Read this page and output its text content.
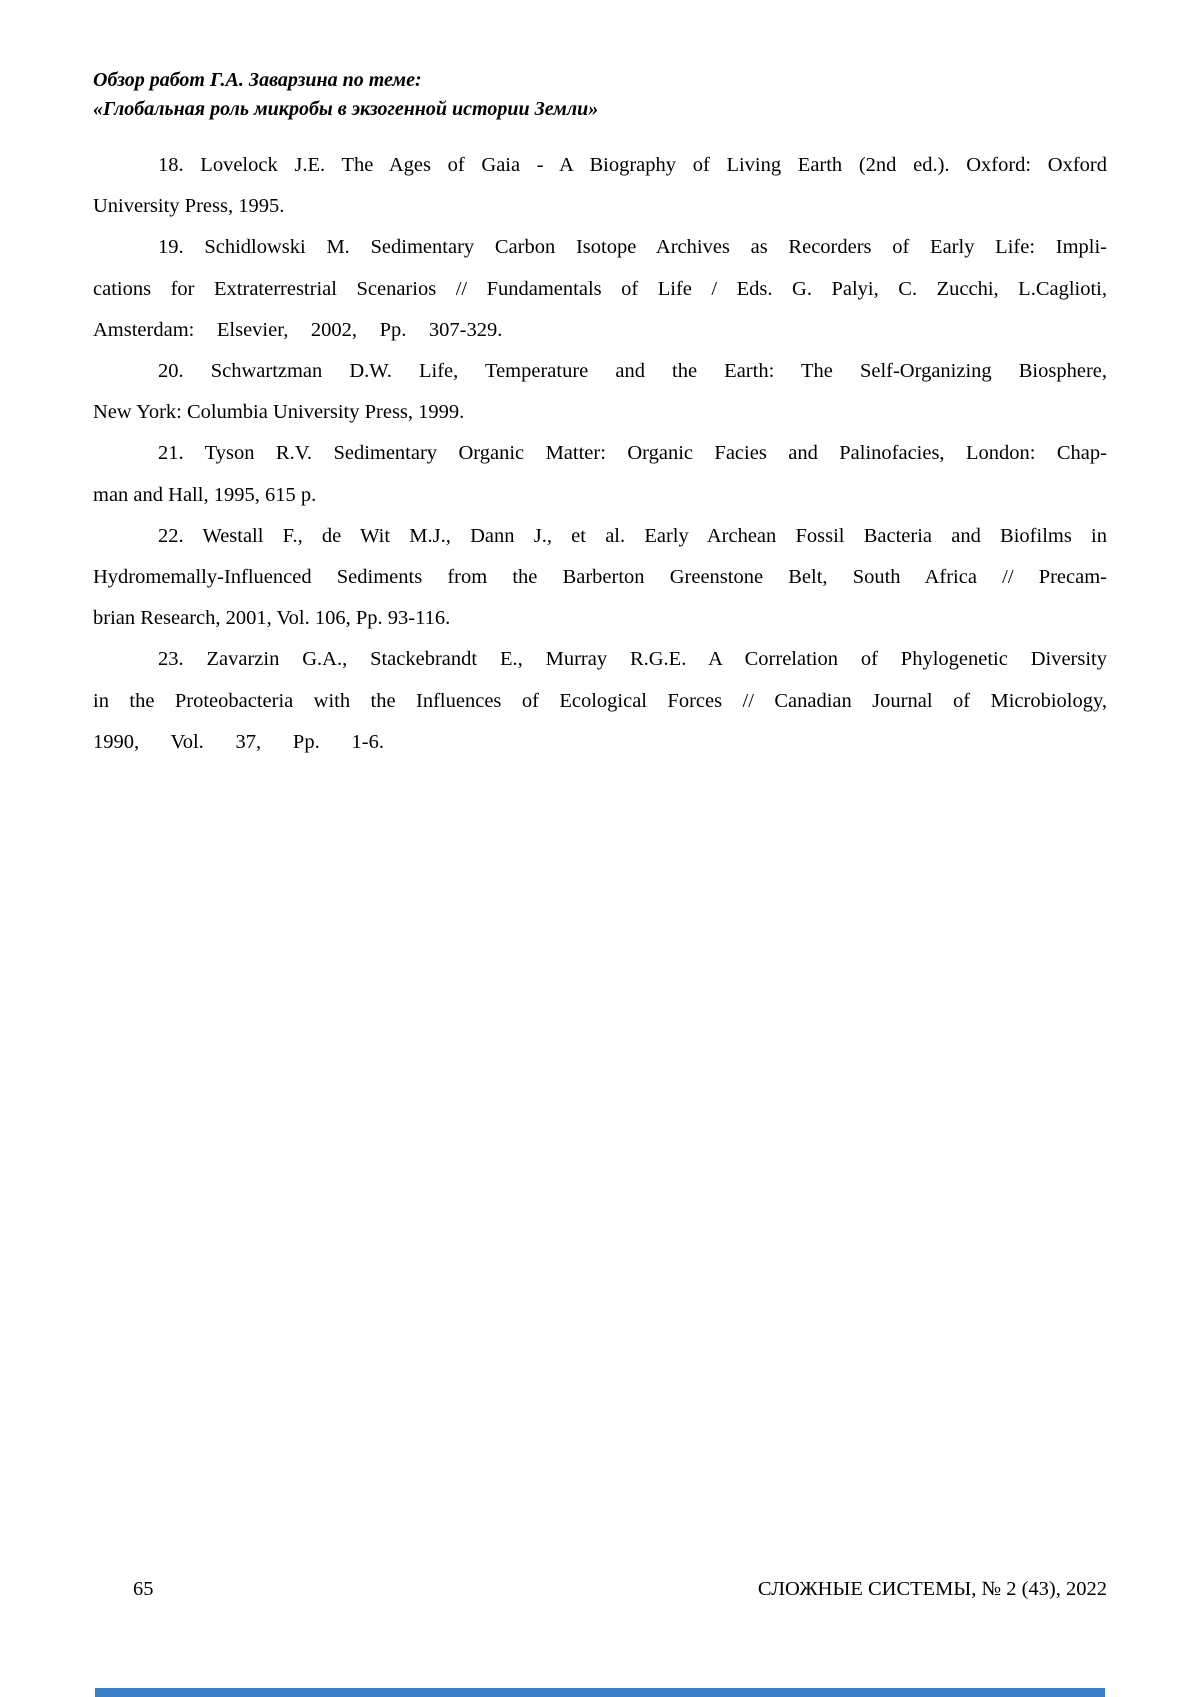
Обзор работ Г.А. Заварзина по теме:
«Глобальная роль микробы в экзогенной истории Земли»

18. Lovelock J.E. The Ages of Gaia - A Biography of Living Earth (2nd ed.). Oxford: Oxford
University Press, 1995.

19. Schidlowski M. Sedimentary Carbon Isotope Archives as Recorders of Early Life: Impli-
cations for Extraterrestrial Scenarios // Fundamentals of Life / Eds. G. Palyi, C. Zucchi, L.Caglioti,
Amsterdam: Elsevier, 2002, Pp. 307-329.

20. Schwartzman D.W. Life, Temperature and the Earth: The Self-Organizing Biosphere,
New York: Columbia University Press, 1999.

21. Tyson R.V. Sedimentary Organic Matter: Organic Facies and Palinofacies, London: Chap-
man and Hall, 1995, 615 p.

22. Westall F., de Wit M.J., Dann J., et al. Early Archean Fossil Bacteria and Biofilms in
Hydromemally-Influenced Sediments from the Barberton Greenstone Belt, South Africa // Precam-
brian Research, 2001, Vol. 106, Pp. 93-116.

23. Zavarzin G.A., Stackebrandt E., Murray R.G.E. A Correlation of Phylogenetic Diversity
in the Proteobacteria with the Influences of Ecological Forces // Canadian Journal of Microbiology,
1990, Vol. 37, Pp. 1-6.

65	СЛОЖНЫЕ СИСТЕМЫ, № 2 (43), 2022
